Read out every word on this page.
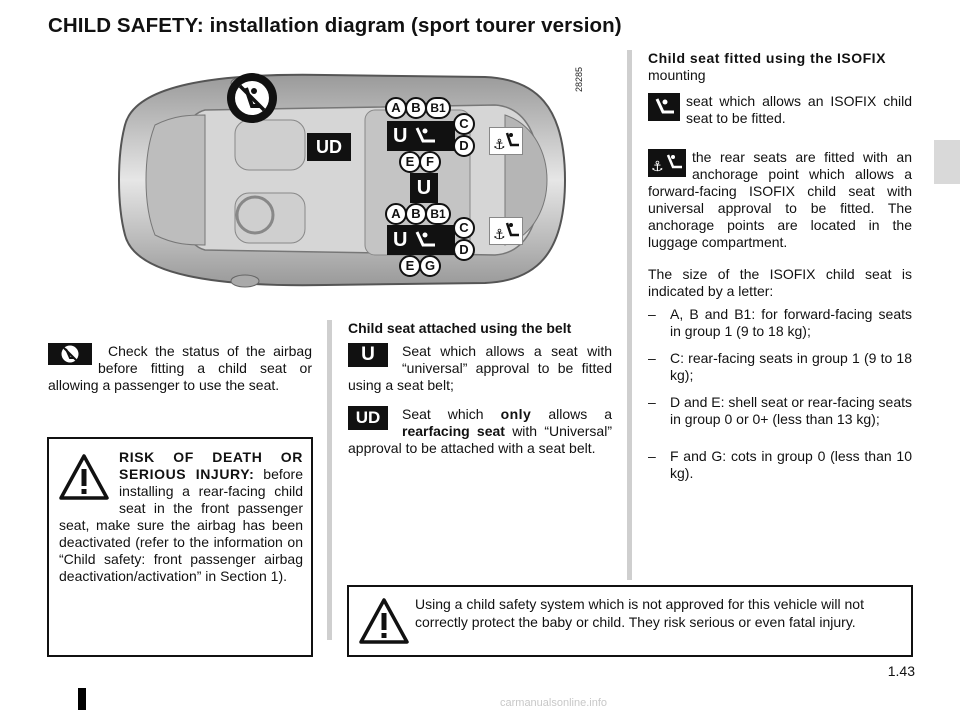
CHILD SAFETY: installation diagram (sport tourer version)
1.43
carmanualsonline.info
UD
A B B1
U
C
D
E F
U
A B B1
U
C
D
E G
⚓
⚓
28285
Check the status of the airbag before fitting a child seat or allowing a passenger to use the seat.
Child seat attached using the belt
U	Seat which allows a seat with “universal” approval to be fitted using a seat belt;
UD	Seat which only allows a rearfacing seat with “Universal” approval to be attached with a seat belt.
Child seat fitted using the ISOFIX
mounting
seat which allows an ISOFIX child seat to be fitted.
⚓
the rear seats are fitted with an anchorage point which allows a forward-facing ISOFIX child seat with universal approval to be fitted. The anchorage points are located in the luggage compartment.
The size of the ISOFIX child seat is indicated by a letter:
– A, B and B1: for forward-facing seats in group 1 (9 to 18 kg);
– C: rear-facing seats in group 1 (9 to 18 kg);
– D and E: shell seat or rear-facing seats in group 0 or 0+ (less than 13 kg);
– F and G: cots in group 0 (less than 10 kg).
RISK OF DEATH OR SERIOUS INJURY: before installing a rear-facing child seat in the front passenger seat, make sure the airbag has been deactivated (refer to the information on “Child safety: front passenger airbag deactivation/activation” in Section 1).
Using a child safety system which is not approved for this vehicle will not correctly protect the baby or child. They risk serious or even fatal injury.
